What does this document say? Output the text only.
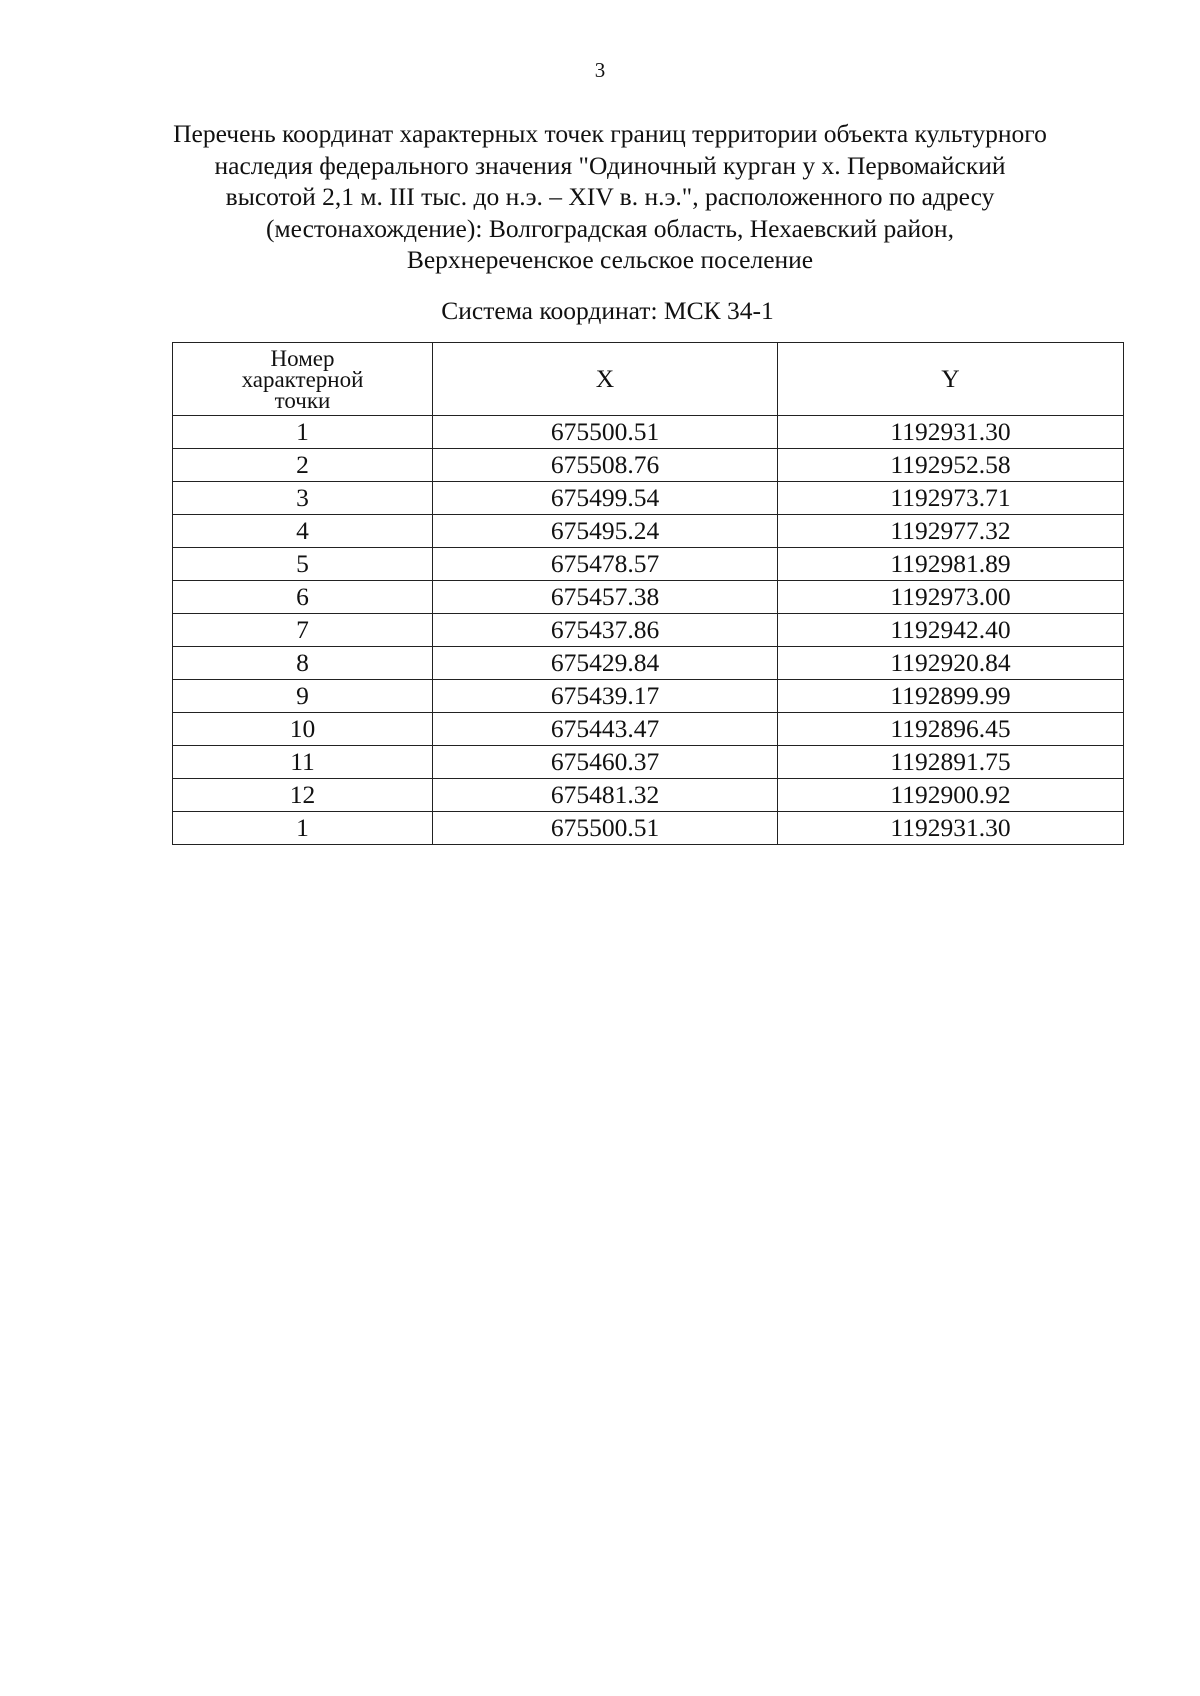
3
Перечень координат характерных точек границ территории объекта культурного
наследия федерального значения "Одиночный курган у х. Первомайский
высотой 2,1 м. III тыс. до н.э. – XIV в. н.э.", расположенного по адресу
(местонахождение): Волгоградская область, Нехаевский район,
Верхнереченское сельское поселение
Система координат: МСК 34-1
Номер
характерной
точки	X	Y
1	675500.51	1192931.30
2	675508.76	1192952.58
3	675499.54	1192973.71
4	675495.24	1192977.32
5	675478.57	1192981.89
6	675457.38	1192973.00
7	675437.86	1192942.40
8	675429.84	1192920.84
9	675439.17	1192899.99
10	675443.47	1192896.45
11	675460.37	1192891.75
12	675481.32	1192900.92
1	675500.51	1192931.30
